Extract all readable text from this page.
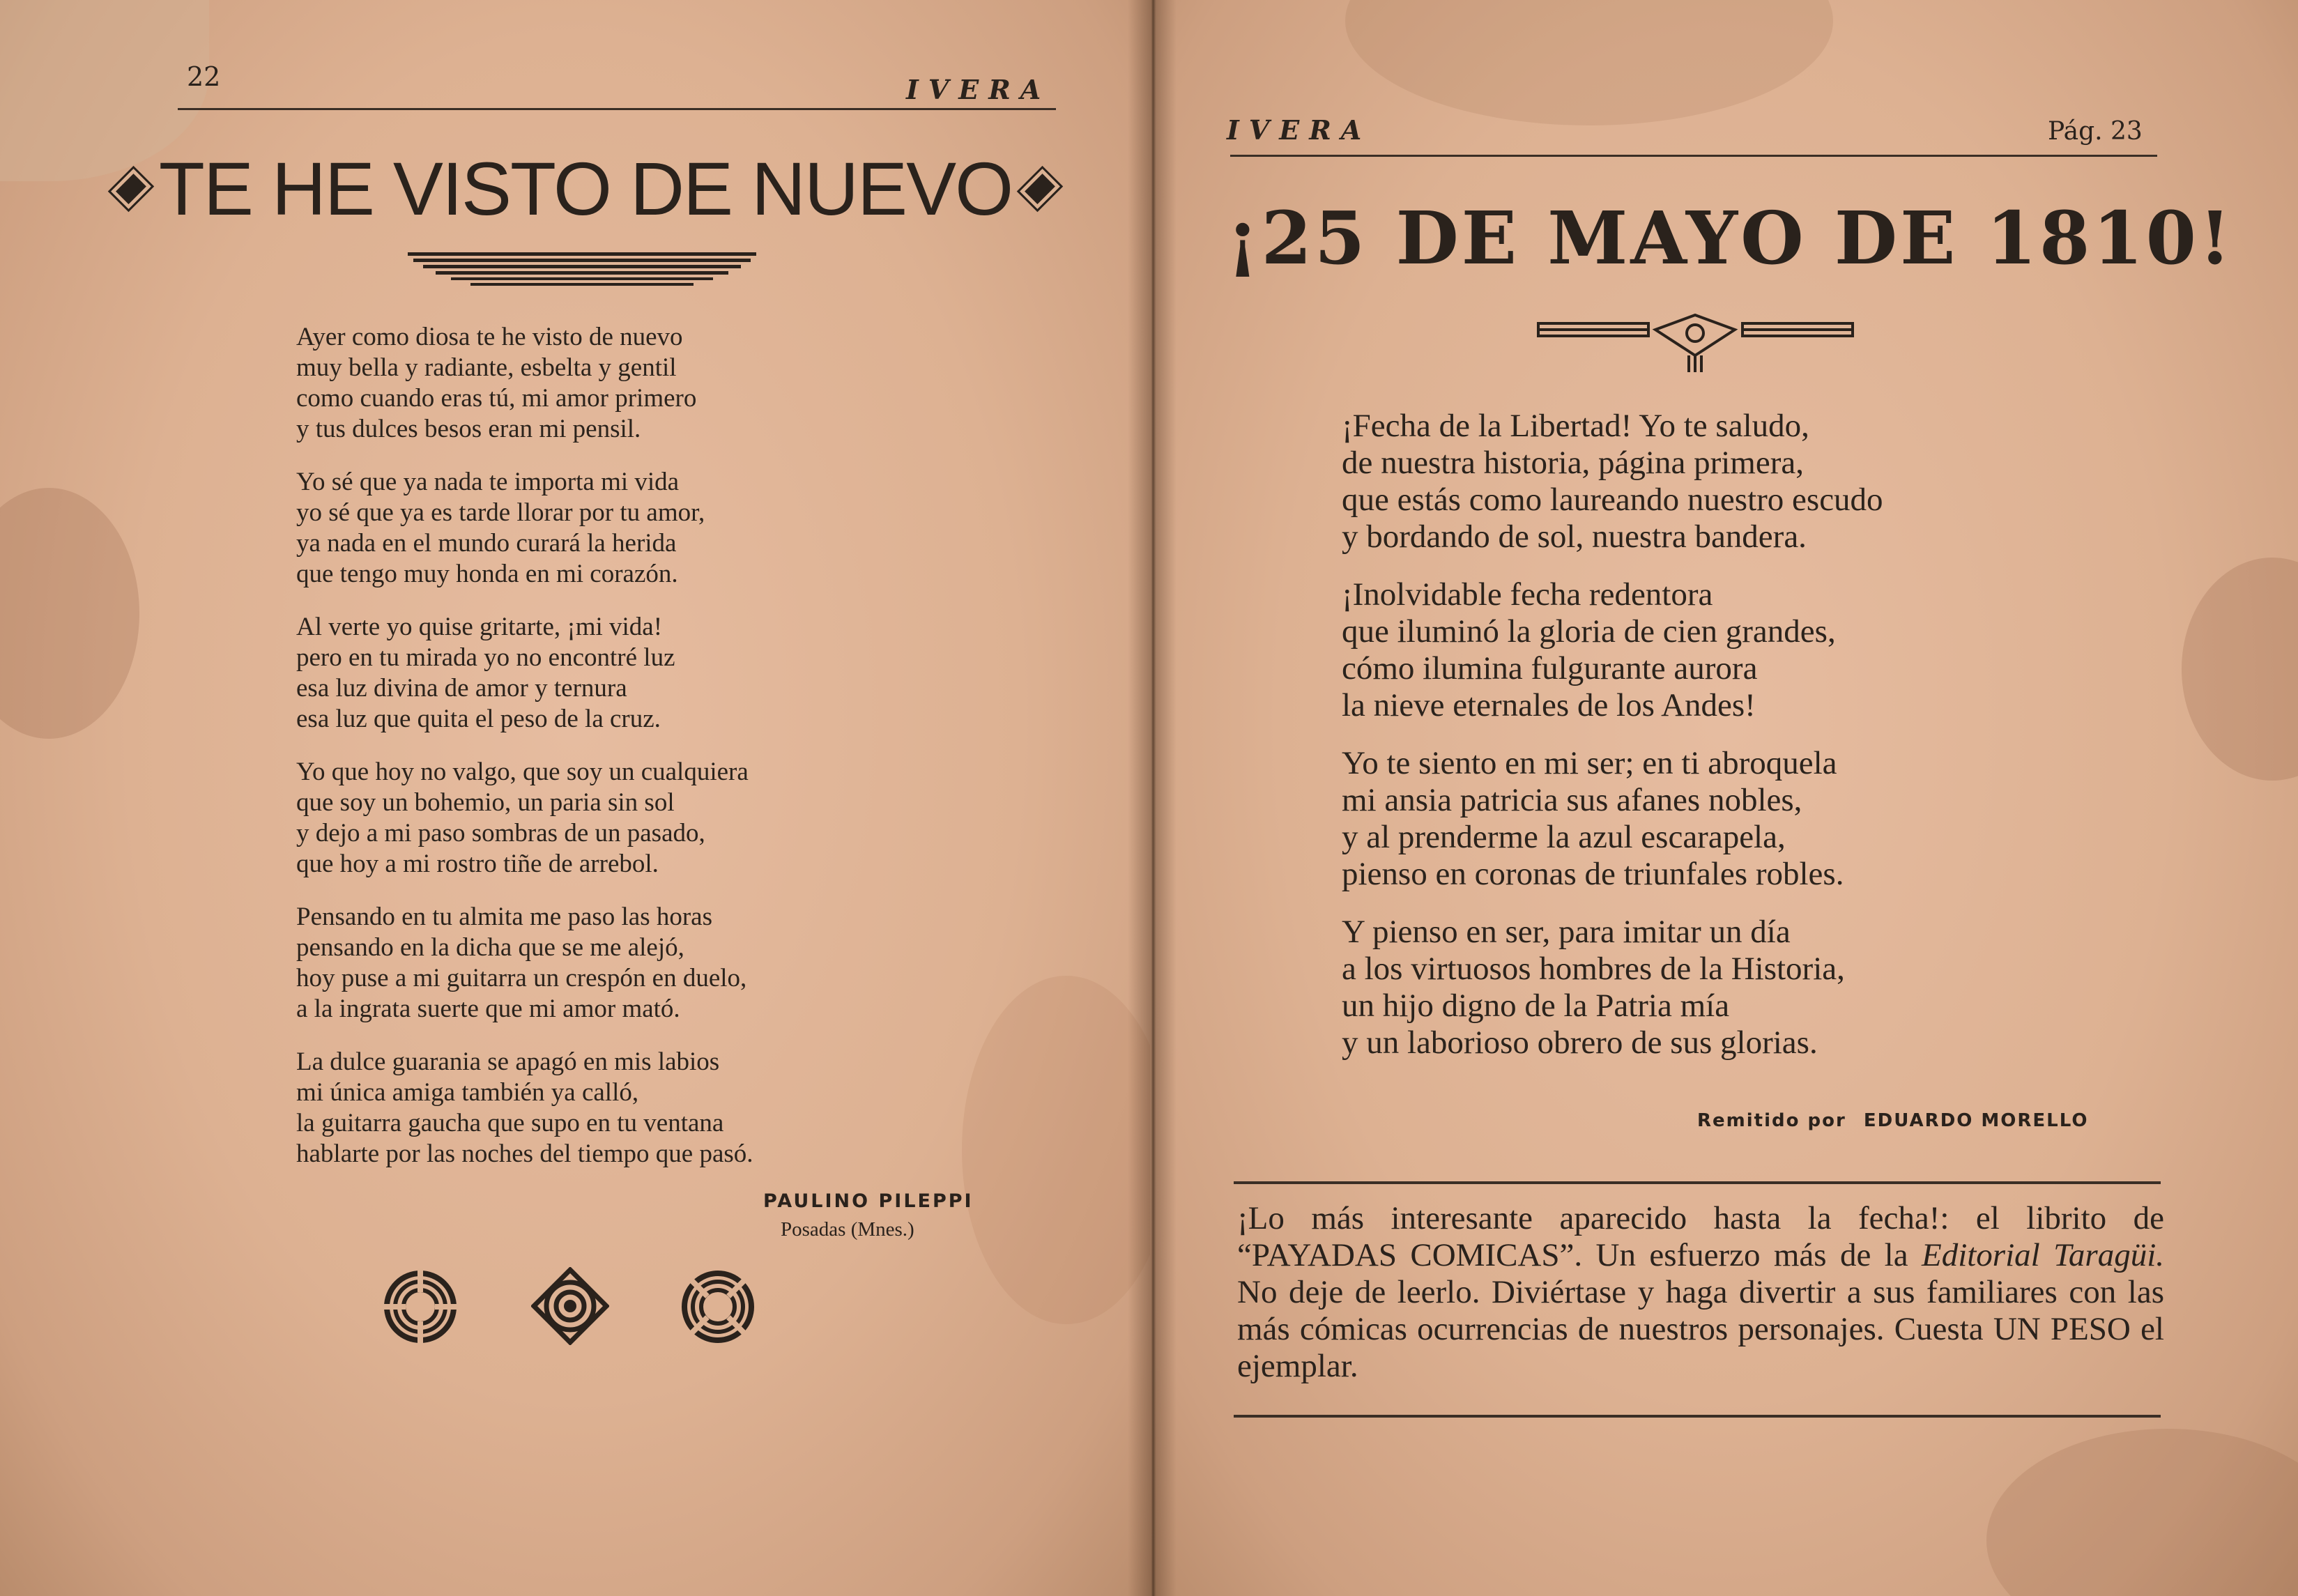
22	IVERA
TE HE VISTO DE NUEVO
Ayer como diosa te he visto de nuevo
muy bella y radiante, esbelta y gentil
como cuando eras tú, mi amor primero
y tus dulces besos eran mi pensil.
Yo sé que ya nada te importa mi vida
yo sé que ya es tarde llorar por tu amor,
ya nada en el mundo curará la herida
que tengo muy honda en mi corazón.
Al verte yo quise gritarte, ¡mi vida!
pero en tu mirada yo no encontré luz
esa luz divina de amor y ternura
esa luz que quita el peso de la cruz.
Yo que hoy no valgo, que soy un cualquiera
que soy un bohemio, un paria sin sol
y dejo a mi paso sombras de un pasado,
que hoy a mi rostro tiñe de arrebol.
Pensando en tu almita me paso las horas
pensando en la dicha que se me alejó,
hoy puse a mi guitarra un crespón en duelo,
a la ingrata suerte que mi amor mató.
La dulce guarania se apagó en mis labios
mi única amiga también ya calló,
la guitarra gaucha que supo en tu ventana
hablarte por las noches del tiempo que pasó.
PAULINO PILEPPI
Posadas (Mnes.)
IVERA	Pág. 23
¡25 DE MAYO DE 1810!
¡Fecha de la Libertad! Yo te saludo,
de nuestra historia, página primera,
que estás como laureando nuestro escudo
y bordando de sol, nuestra bandera.
¡Inolvidable fecha redentora
que iluminó la gloria de cien grandes,
cómo ilumina fulgurante aurora
la nieve eternales de los Andes!
Yo te siento en mi ser; en ti abroquela
mi ansia patricia sus afanes nobles,
y al prenderme la azul escarapela,
pienso en coronas de triunfales robles.
Y pienso en ser, para imitar un día
a los virtuosos hombres de la Historia,
un hijo digno de la Patria mía
y un laborioso obrero de sus glorias.
Remitido por EDUARDO MORELLO
¡Lo más interesante aparecido hasta la fecha!: el librito de “PAYADAS COMICAS”. Un esfuerzo más de la Editorial Taragüi. No deje de leerlo. Diviértase y haga divertir a sus familiares con las más cómicas ocurrencias de nuestros personajes. Cuesta UN PESO el ejemplar.
